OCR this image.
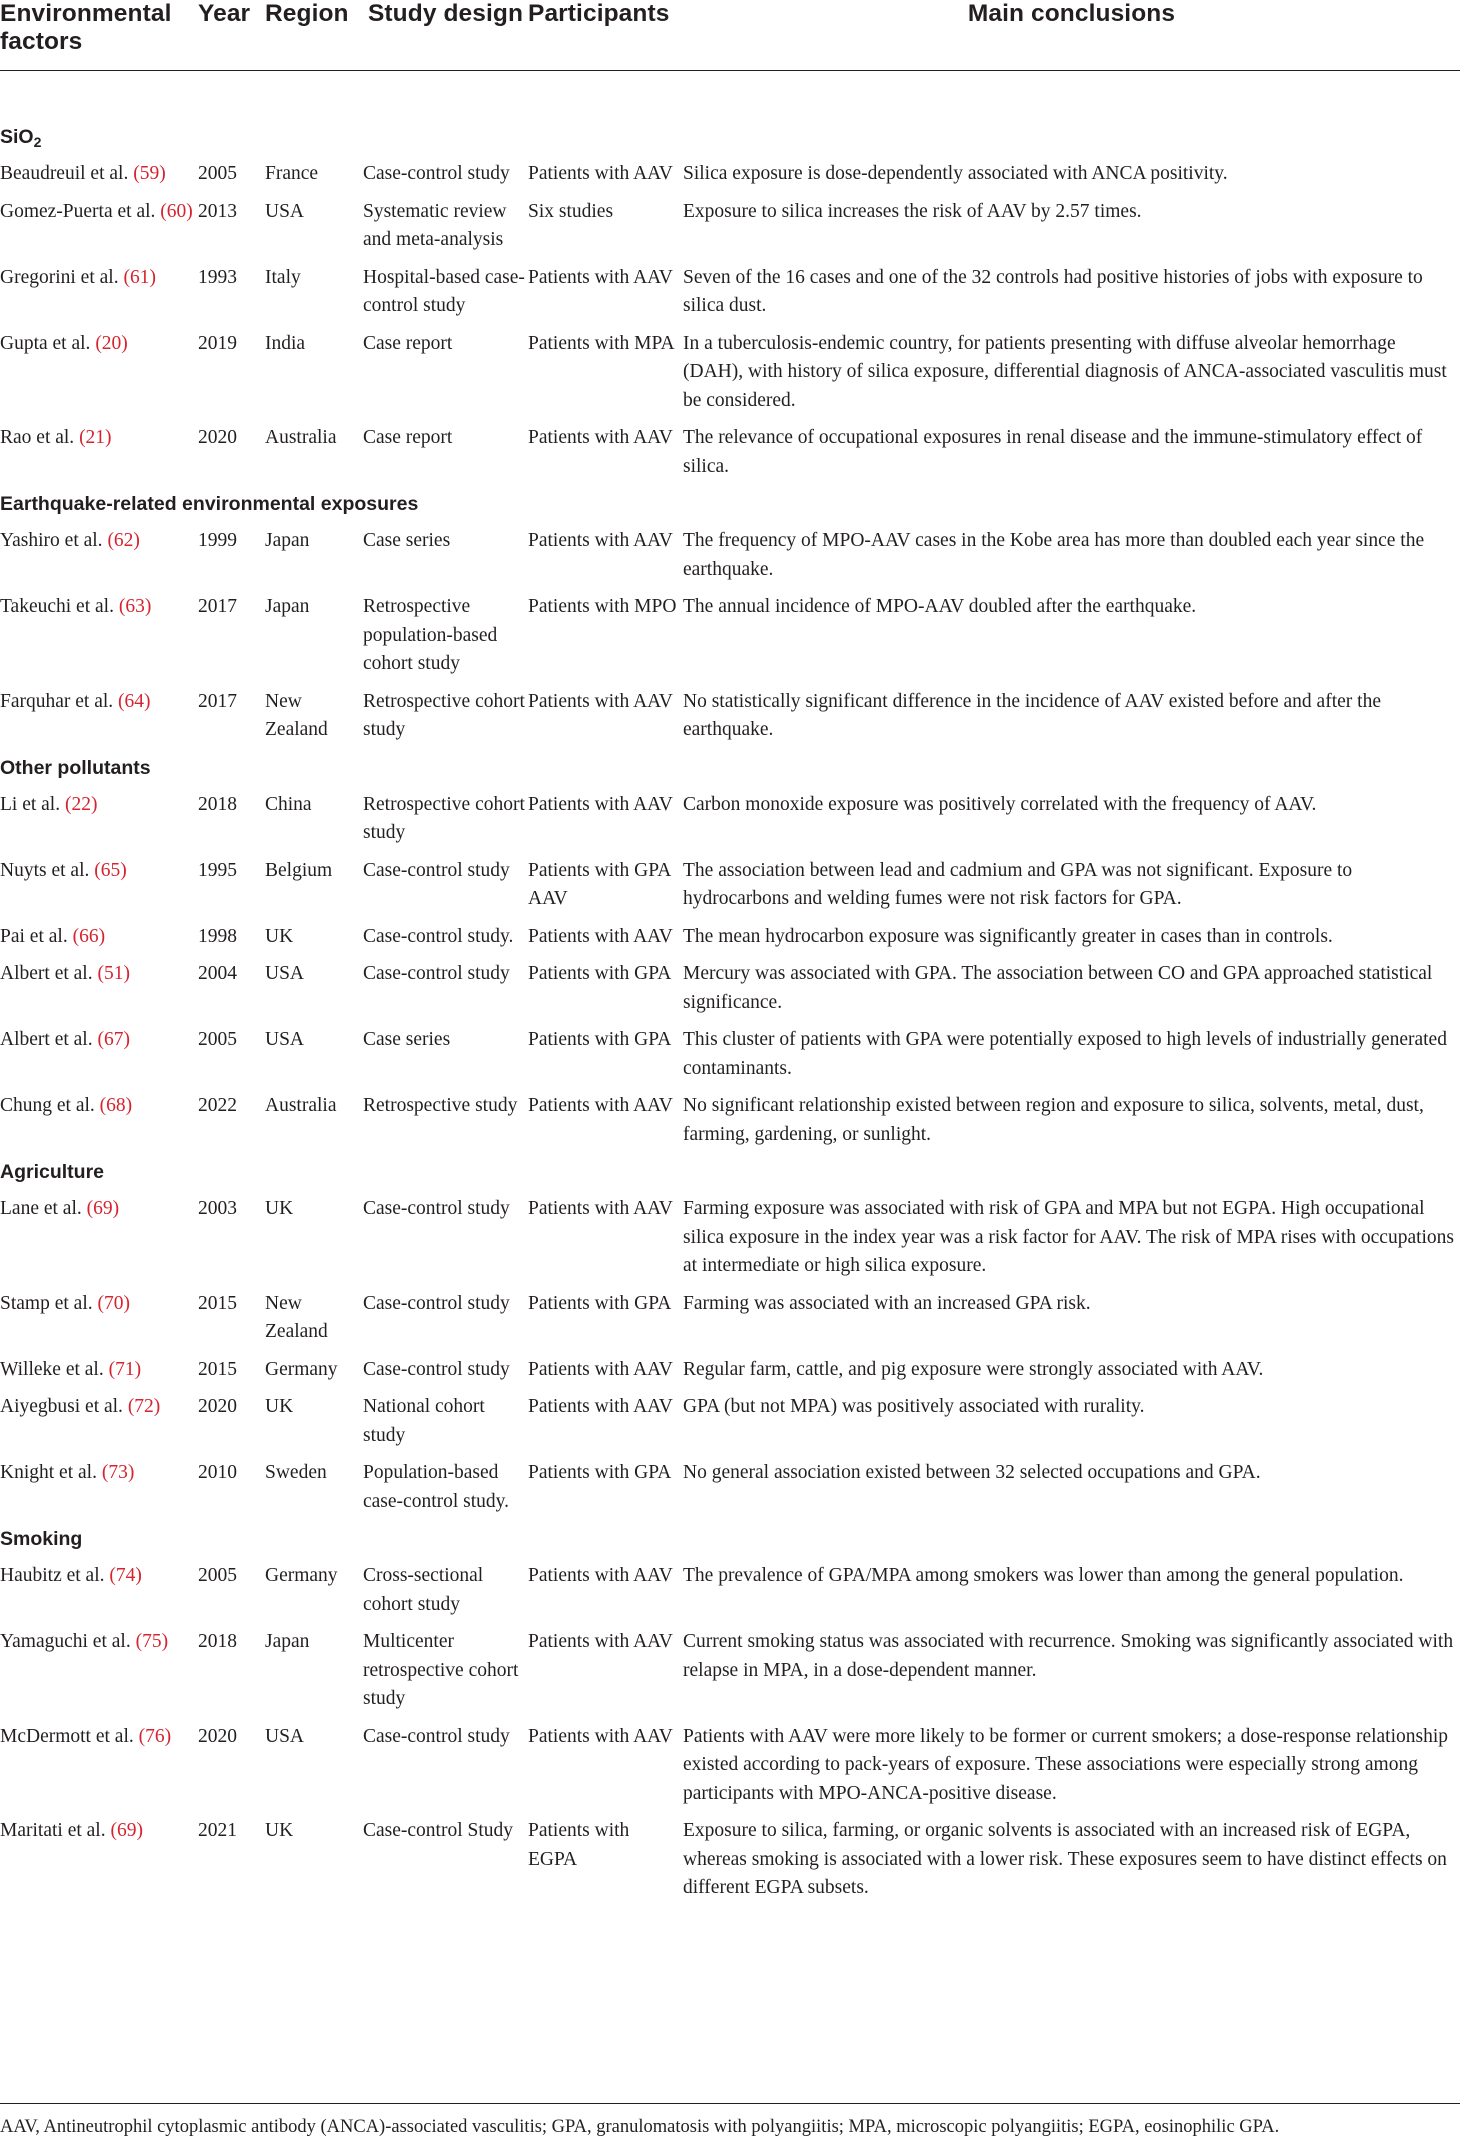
Environmental factors	Year	Region	Study design	Participants	Main conclusions
SiO$_2$
Beaudreuil et al. (59)	2005	France	Case-control study	Patients with AAV	Silica exposure is dose-dependently associated with ANCA positivity.
Gomez-Puerta et al. (60)	2013	USA	Systematic review and meta-analysis	Six studies	Exposure to silica increases the risk of AAV by 2.57 times.
Gregorini et al. (61)	1993	Italy	Hospital-based case-control study	Patients with AAV	Seven of the 16 cases and one of the 32 controls had positive histories of jobs with exposure to silica dust.
Gupta et al. (20)	2019	India	Case report	Patients with MPA	In a tuberculosis-endemic country, for patients presenting with diffuse alveolar hemorrhage (DAH), with history of silica exposure, differential diagnosis of ANCA-associated vasculitis must be considered.
Rao et al. (21)	2020	Australia	Case report	Patients with AAV	The relevance of occupational exposures in renal disease and the immune-stimulatory effect of silica.
Earthquake-related environmental exposures					
Yashiro et al. (62)	1999	Japan	Case series	Patients with AAV	The frequency of MPO-AAV cases in the Kobe area has more than doubled each year since the earthquake.
Takeuchi et al. (63)	2017	Japan	Retrospective population-based cohort study	Patients with MPO	The annual incidence of MPO-AAV doubled after the earthquake.
Farquhar et al. (64)	2017	New Zealand	Retrospective cohort study	Patients with AAV	No statistically significant difference in the incidence of AAV existed before and after the earthquake.
Other pollutants					
Li et al. (22)	2018	China	Retrospective cohort study	Patients with AAV	Carbon monoxide exposure was positively correlated with the frequency of AAV.
Nuyts et al. (65)	1995	Belgium	Case-control study	Patients with GPA AAV	The association between lead and cadmium and GPA was not significant. Exposure to hydrocarbons and welding fumes were not risk factors for GPA.
Pai et al. (66)	1998	UK	Case-control study.	Patients with AAV	The mean hydrocarbon exposure was significantly greater in cases than in controls.
Albert et al. (51)	2004	USA	Case-control study	Patients with GPA	Mercury was associated with GPA. The association between CO and GPA approached statistical significance.
Albert et al. (67)	2005	USA	Case series	Patients with GPA	This cluster of patients with GPA were potentially exposed to high levels of industrially generated contaminants.
Chung et al. (68)	2022	Australia	Retrospective study	Patients with AAV	No significant relationship existed between region and exposure to silica, solvents, metal, dust, farming, gardening, or sunlight.
Agriculture					
Lane et al. (69)	2003	UK	Case-control study	Patients with AAV	Farming exposure was associated with risk of GPA and MPA but not EGPA. High occupational silica exposure in the index year was a risk factor for AAV. The risk of MPA rises with occupations at intermediate or high silica exposure.
Stamp et al. (70)	2015	New Zealand	Case-control study	Patients with GPA	Farming was associated with an increased GPA risk.
Willeke et al. (71)	2015	Germany	Case-control study	Patients with AAV	Regular farm, cattle, and pig exposure were strongly associated with AAV.
Aiyegbusi et al. (72)	2020	UK	National cohort study	Patients with AAV	GPA (but not MPA) was positively associated with rurality.
Knight et al. (73)	2010	Sweden	Population-based case-control study.	Patients with GPA	No general association existed between 32 selected occupations and GPA.
Smoking					
Haubitz et al. (74)	2005	Germany	Cross-sectional cohort study	Patients with AAV	The prevalence of GPA/MPA among smokers was lower than among the general population.
Yamaguchi et al. (75)	2018	Japan	Multicenter retrospective cohort study	Patients with AAV	Current smoking status was associated with recurrence. Smoking was significantly associated with relapse in MPA, in a dose-dependent manner.
McDermott et al. (76)	2020	USA	Case-control study	Patients with AAV	Patients with AAV were more likely to be former or current smokers; a dose-response relationship existed according to pack-years of exposure. These associations were especially strong among participants with MPO-ANCA-positive disease.
Maritati et al. (69)	2021	UK	Case-control Study	Patients with EGPA	Exposure to silica, farming, or organic solvents is associated with an increased risk of EGPA, whereas smoking is associated with a lower risk. These exposures seem to have distinct effects on different EGPA subsets.
AAV, Antineutrophil cytoplasmic antibody (ANCA)-associated vasculitis; GPA, granulomatosis with polyangiitis; MPA, microscopic polyangiitis; EGPA, eosinophilic GPA.
